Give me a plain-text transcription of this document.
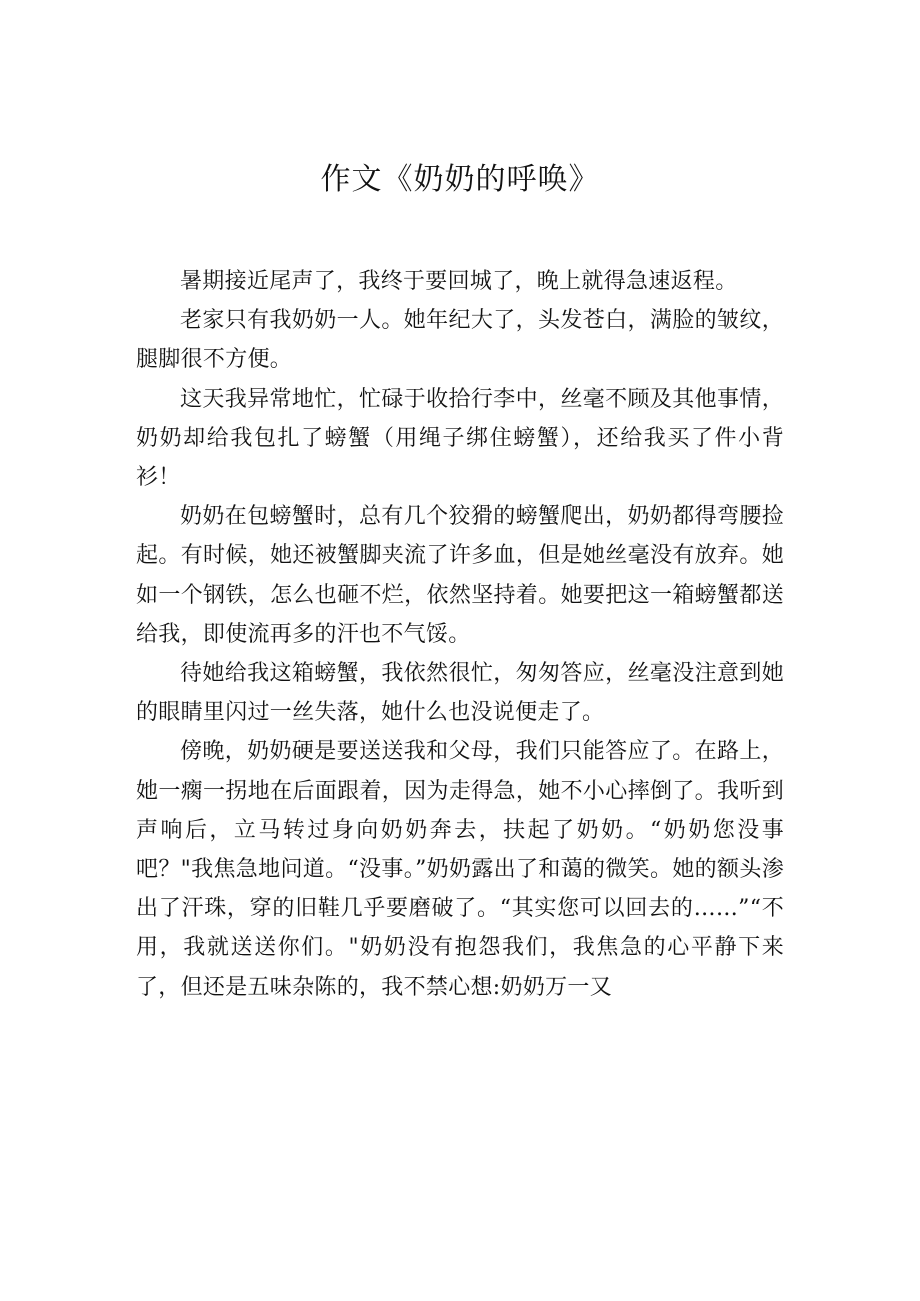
作文《奶奶的呼唤》

暑期接近尾声了，我终于要回城了，晚上就得急速返程。

老家只有我奶奶一人。她年纪大了，头发苍白，满脸的皱纹，腿脚很不方便。

这天我异常地忙，忙碌于收拾行李中，丝毫不顾及其他事情，奶奶却给我包扎了螃蟹（用绳子绑住螃蟹），还给我买了件小背衫！

奶奶在包螃蟹时，总有几个狡猾的螃蟹爬出，奶奶都得弯腰捡起。有时候，她还被蟹脚夹流了许多血，但是她丝毫没有放弃。她如一个钢铁，怎么也砸不烂，依然坚持着。她要把这一箱螃蟹都送给我，即使流再多的汗也不气馁。

待她给我这箱螃蟹，我依然很忙，匆匆答应，丝毫没注意到她的眼睛里闪过一丝失落，她什么也没说便走了。

傍晚，奶奶硬是要送送我和父母，我们只能答应了。在路上，她一瘸一拐地在后面跟着，因为走得急，她不小心摔倒了。我听到声响后，立马转过身向奶奶奔去，扶起了奶奶。“奶奶您没事吧？"我焦急地问道。“没事。”奶奶露出了和蔼的微笑。她的额头渗出了汗珠，穿的旧鞋几乎要磨破了。“其实您可以回去的……”“不用，我就送送你们。"奶奶没有抱怨我们，我焦急的心平静下来了，但还是五味杂陈的，我不禁心想:奶奶万一又
